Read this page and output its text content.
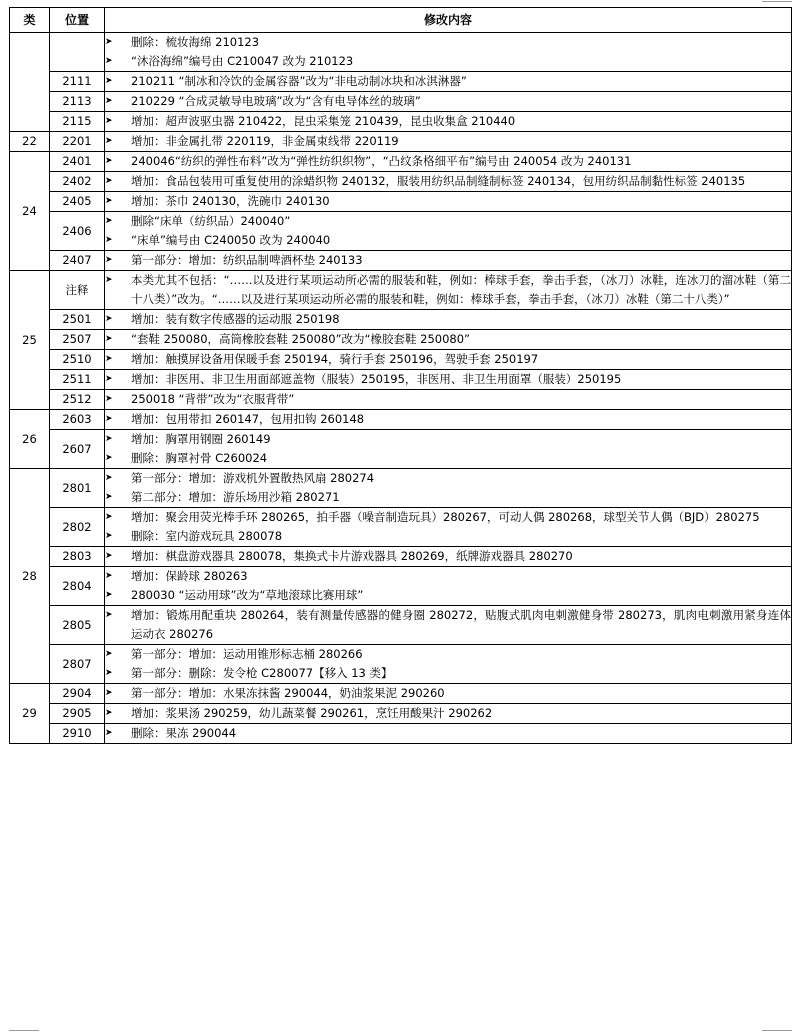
类	位置	修改内容

		➤ 删除：梳妆海绵 210123
➤ “沐浴海绵”编号由 C210047 改为 210123

	2111	➤ 210211 “制冰和冷饮的金属容器”改为“非电动制冰块和冰淇淋器”

	2113	➤ 210229 “合成灵敏导电玻璃”改为“含有电导体丝的玻璃”

	2115	➤ 增加：超声波驱虫器 210422，昆虫采集笼 210439，昆虫收集盒 210440

22	2201	➤ 增加：非金属扎带 220119，非金属束线带 220119

24	2401	➤ 240046“纺织的弹性布料”改为“弹性纺织织物”，“凸纹条格细平布”编号由 240054 改为 240131

	2402	➤ 增加：食品包装用可重复使用的涂蜡织物 240132，服装用纺织品制缝制标签 240134，包用纺织品制黏性标签 240135

	2405	➤ 增加：茶巾 240130，洗碗巾 240130

	2406	➤ 删除“床单（纺织品）240040”
➤ “床单”编号由 C240050 改为 240040

	2407	➤ 第一部分：增加：纺织品制啤酒杯垫 240133

25	注释	➤ 本类尤其不包括：“……以及进行某项运动所必需的服装和鞋，例如：棒球手套，拳击手套，（冰刀）冰鞋，连冰刀的溜冰鞋（第二十八类）”改为。“……以及进行某项运动所必需的服装和鞋，例如：棒球手套，拳击手套，（冰刀）冰鞋（第二十八类）”

	2501	➤ 增加：装有数字传感器的运动服 250198

	2507	➤ “套鞋 250080，高筒橡胶套鞋 250080”改为“橡胶套鞋 250080”

	2510	➤ 增加：触摸屏设备用保暖手套 250194，骑行手套 250196，驾驶手套 250197

	2511	➤ 增加：非医用、非卫生用面部遮盖物（服装）250195，非医用、非卫生用面罩（服装）250195

	2512	➤ 250018 “背带”改为“衣服背带”

26	2603	➤ 增加：包用带扣 260147，包用扣钩 260148

	2607	➤ 增加：胸罩用钢圈 260149
➤ 删除：胸罩衬骨 C260024

28	2801	➤ 第一部分：增加：游戏机外置散热风扇 280274
➤ 第二部分：增加：游乐场用沙箱 280271

	2802	➤ 增加：聚会用荧光棒手环 280265，拍手器（噪音制造玩具）280267，可动人偶 280268，球型关节人偶（BJD）280275
➤ 删除：室内游戏玩具 280078

	2803	➤ 增加：棋盘游戏器具 280078，集换式卡片游戏器具 280269，纸牌游戏器具 280270

	2804	➤ 增加：保龄球 280263
➤ 280030 “运动用球”改为“草地滚球比赛用球”

	2805	➤ 增加：锻炼用配重块 280264，装有测量传感器的健身圈 280272，贴腹式肌肉电刺激健身带 280273，肌肉电刺激用紧身连体运动衣 280276

	2807	➤ 第一部分：增加：运动用锥形标志桶 280266
➤ 第一部分：删除：发令枪 C280077【移入 13 类】

29	2904	➤ 第一部分：增加：水果冻抹酱 290044，奶油浆果泥 290260

	2905	➤ 增加：浆果汤 290259，幼儿蔬菜餐 290261，烹饪用酸果汁 290262

	2910	➤ 删除：果冻 290044
